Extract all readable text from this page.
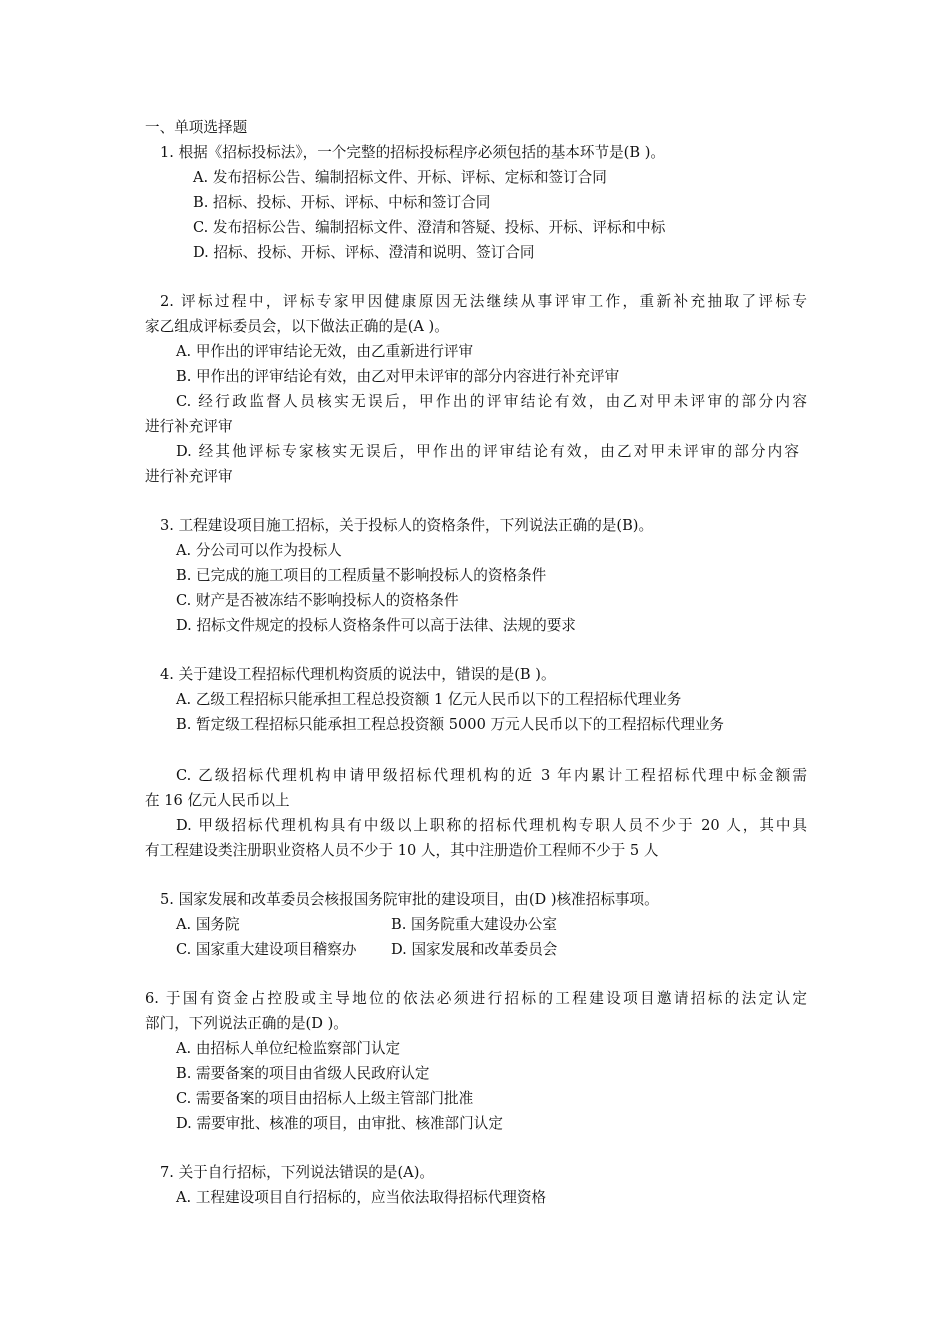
一、单项选择题
1. 根据《招标投标法》，一个完整的招标投标程序必须包括的基本环节是(B )。
A. 发布招标公告、编制招标文件、开标、评标、定标和签订合同
B. 招标、投标、开标、评标、中标和签订合同
C. 发布招标公告、编制招标文件、澄清和答疑、投标、开标、评标和中标
D. 招标、投标、开标、评标、澄清和说明、签订合同
2. 评标过程中，评标专家甲因健康原因无法继续从事评审工作，重新补充抽取了评标专
家乙组成评标委员会，以下做法正确的是(A )。
A. 甲作出的评审结论无效，由乙重新进行评审
B. 甲作出的评审结论有效，由乙对甲未评审的部分内容进行补充评审
C. 经行政监督人员核实无误后，甲作出的评审结论有效，由乙对甲未评审的部分内容
进行补充评审
D. 经其他评标专家核实无误后，甲作出的评审结论有效，由乙对甲未评审的部分内容
进行补充评审
3. 工程建设项目施工招标，关于投标人的资格条件，下列说法正确的是(B)。
A. 分公司可以作为投标人
B. 已完成的施工项目的工程质量不影响投标人的资格条件
C. 财产是否被冻结不影响投标人的资格条件
D. 招标文件规定的投标人资格条件可以高于法律、法规的要求
4. 关于建设工程招标代理机构资质的说法中，错误的是(B )。
A. 乙级工程招标只能承担工程总投资额 1 亿元人民币以下的工程招标代理业务
B. 暂定级工程招标只能承担工程总投资额 5000 万元人民币以下的工程招标代理业务
C. 乙级招标代理机构申请甲级招标代理机构的近 3 年内累计工程招标代理中标金额需
在 16 亿元人民币以上
D. 甲级招标代理机构具有中级以上职称的招标代理机构专职人员不少于 20 人，其中具
有工程建设类注册职业资格人员不少于 10 人，其中注册造价工程师不少于 5 人
5. 国家发展和改革委员会核报国务院审批的建设项目，由(D )核准招标事项。
A. 国务院	B. 国务院重大建设办公室
C. 国家重大建设项目稽察办 D. 国家发展和改革委员会
6. 于国有资金占控股或主导地位的依法必须进行招标的工程建设项目邀请招标的法定认定
部门，下列说法正确的是(D )。
A. 由招标人单位纪检监察部门认定
B. 需要备案的项目由省级人民政府认定
C. 需要备案的项目由招标人上级主管部门批准
D. 需要审批、核准的项目，由审批、核准部门认定
7. 关于自行招标，下列说法错误的是(A)。
A. 工程建设项目自行招标的，应当依法取得招标代理资格
